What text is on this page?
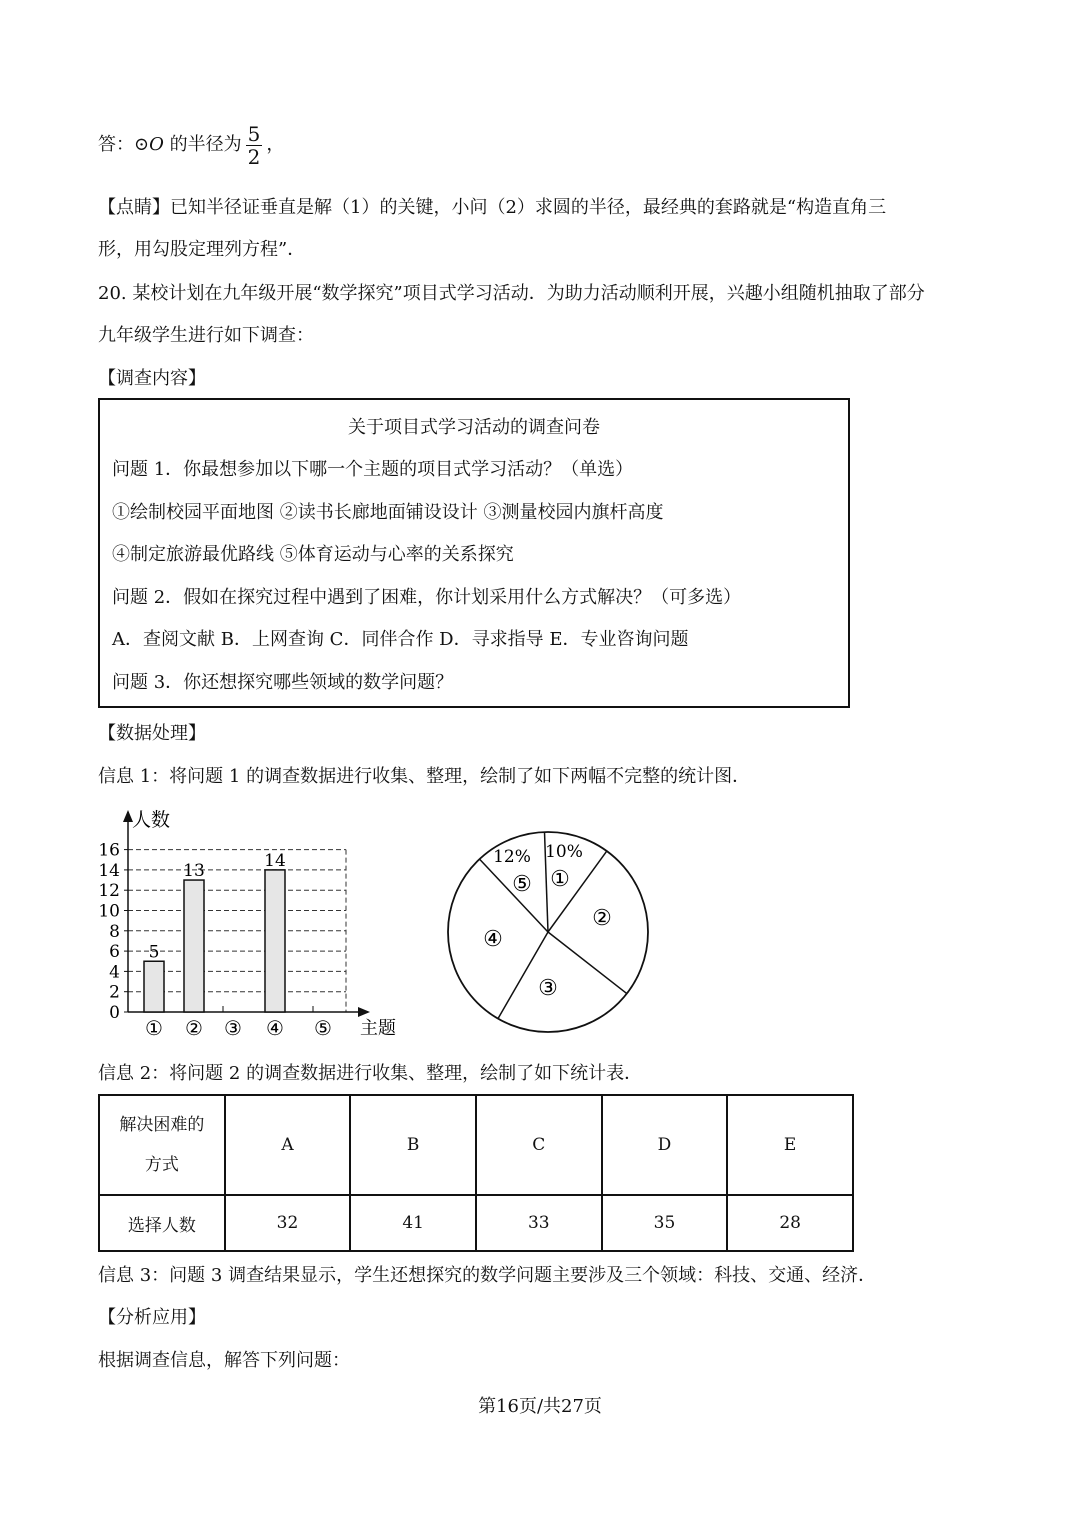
答：⊙O 的半径为 $\frac{5}{2}$ ，
【点睛】已知半径证垂直是解（1）的关键，小问（2）求圆的半径，最经典的套路就是“构造直角三
形，用勾股定理列方程”．
20. 某校计划在九年级开展“数学探究”项目式学习活动．为助力活动顺利开展，兴趣小组随机抽取了部分
九年级学生进行如下调查：
【调查内容】
关于项目式学习活动的调查问卷
问题 1．你最想参加以下哪一个主题的项目式学习活动？（单选）
①绘制校园平面地图 ②读书长廊地面铺设设计 ③测量校园内旗杆高度
④制定旅游最优路线 ⑤体育运动与心率的关系探究
问题 2．假如在探究过程中遇到了困难，你计划采用什么方式解决？（可多选）
A．查阅文献 B．上网查询 C．同伴合作 D．寻求指导 E．专业咨询问题
问题 3．你还想探究哪些领域的数学问题？
【数据处理】
信息 1：将问题 1 的调查数据进行收集、整理，绘制了如下两幅不完整的统计图．
人数
主题
0
2
4
6
8
10
12
14
16
①
5
②
13
③ ④
14
⑤
①
10%
②
③
④
⑤
12%
信息 2：将问题 2 的调查数据进行收集、整理，绘制了如下统计表．
解决困难的
方式	A	B	C	D	E
选择人数	32	41	33	35	28
信息 3：问题 3 调查结果显示，学生还想探究的数学问题主要涉及三个领域：科技、交通、经济．
【分析应用】
根据调查信息，解答下列问题：
第16页/共27页
